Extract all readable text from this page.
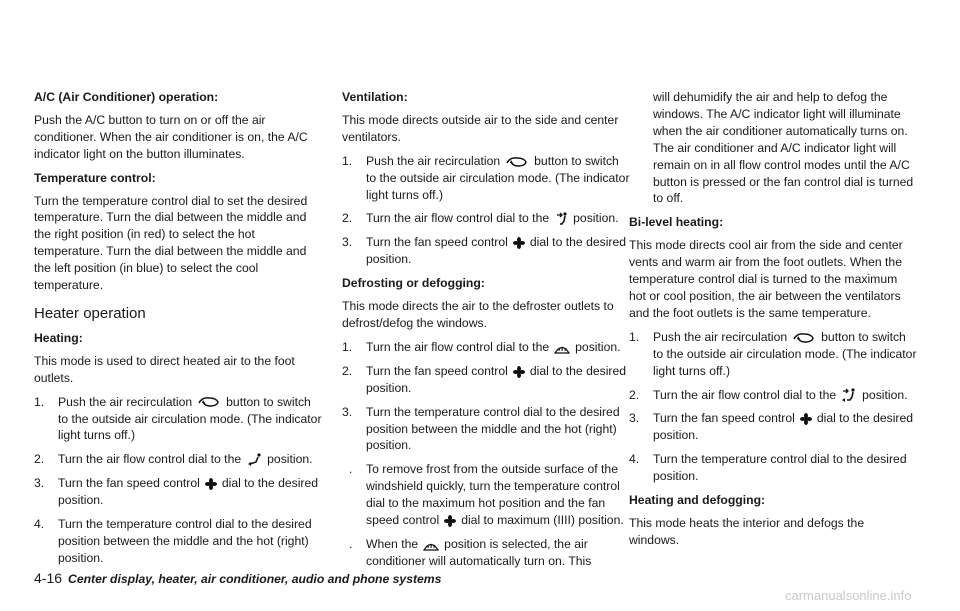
A/C (Air Conditioner) operation:

Push the A/C button to turn on or off the air conditioner. When the air conditioner is on, the A/C indicator light on the button illuminates.

Temperature control:

Turn the temperature control dial to set the desired temperature. Turn the dial between the middle and the right position (in red) to select the hot temperature. Turn the dial between the middle and the left position (in blue) to select the cool temperature.

Heater operation

Heating:

This mode is used to direct heated air to the foot outlets.

1. Push the air recirculation	button to switch to the outside air circulation mode. (The indicator light turns off.)
2. Turn the air flow control dial to the position.
3. Turn the fan speed control dial to the desired position.
4. Turn the temperature control dial to the desired position between the middle and the hot (right) position.

Ventilation:

This mode directs outside air to the side and center ventilators.

1. Push the air recirculation	button to switch to the outside air circulation mode. (The indicator light turns off.)
2. Turn the air flow control dial to the position.
3. Turn the fan speed control dial to the desired position.

Defrosting or defogging:

This mode directs the air to the defroster outlets to defrost/defog the windows.

1. Turn the air flow control dial to the position.
2. Turn the fan speed control dial to the desired position.
3. Turn the temperature control dial to the desired position between the middle and the hot (right) position.
. To remove frost from the outside surface of the windshield quickly, turn the temperature control dial to the maximum hot position and the fan speed control dial to maximum (IIII) position.
. When the position is selected, the air conditioner will automatically turn on. This
will dehumidify the air and help to defog the windows. The A/C indicator light will illuminate when the air conditioner automatically turns on. The air conditioner and A/C indicator light will remain on in all flow control modes until the A/C button is pressed or the fan control dial is turned to off.

Bi-level heating:

This mode directs cool air from the side and center vents and warm air from the foot outlets. When the temperature control dial is turned to the maximum hot or cool position, the air between the ventilators and the foot outlets is the same temperature.

1. Push the air recirculation	button to switch to the outside air circulation mode. (The indicator light turns off.)
2. Turn the air flow control dial to the position.
3. Turn the fan speed control dial to the desired position.
4. Turn the temperature control dial to the desired position.

Heating and defogging:

This mode heats the interior and defogs the windows.

4-16 Center display, heater, air conditioner, audio and phone systems
carmanualsonline.info
